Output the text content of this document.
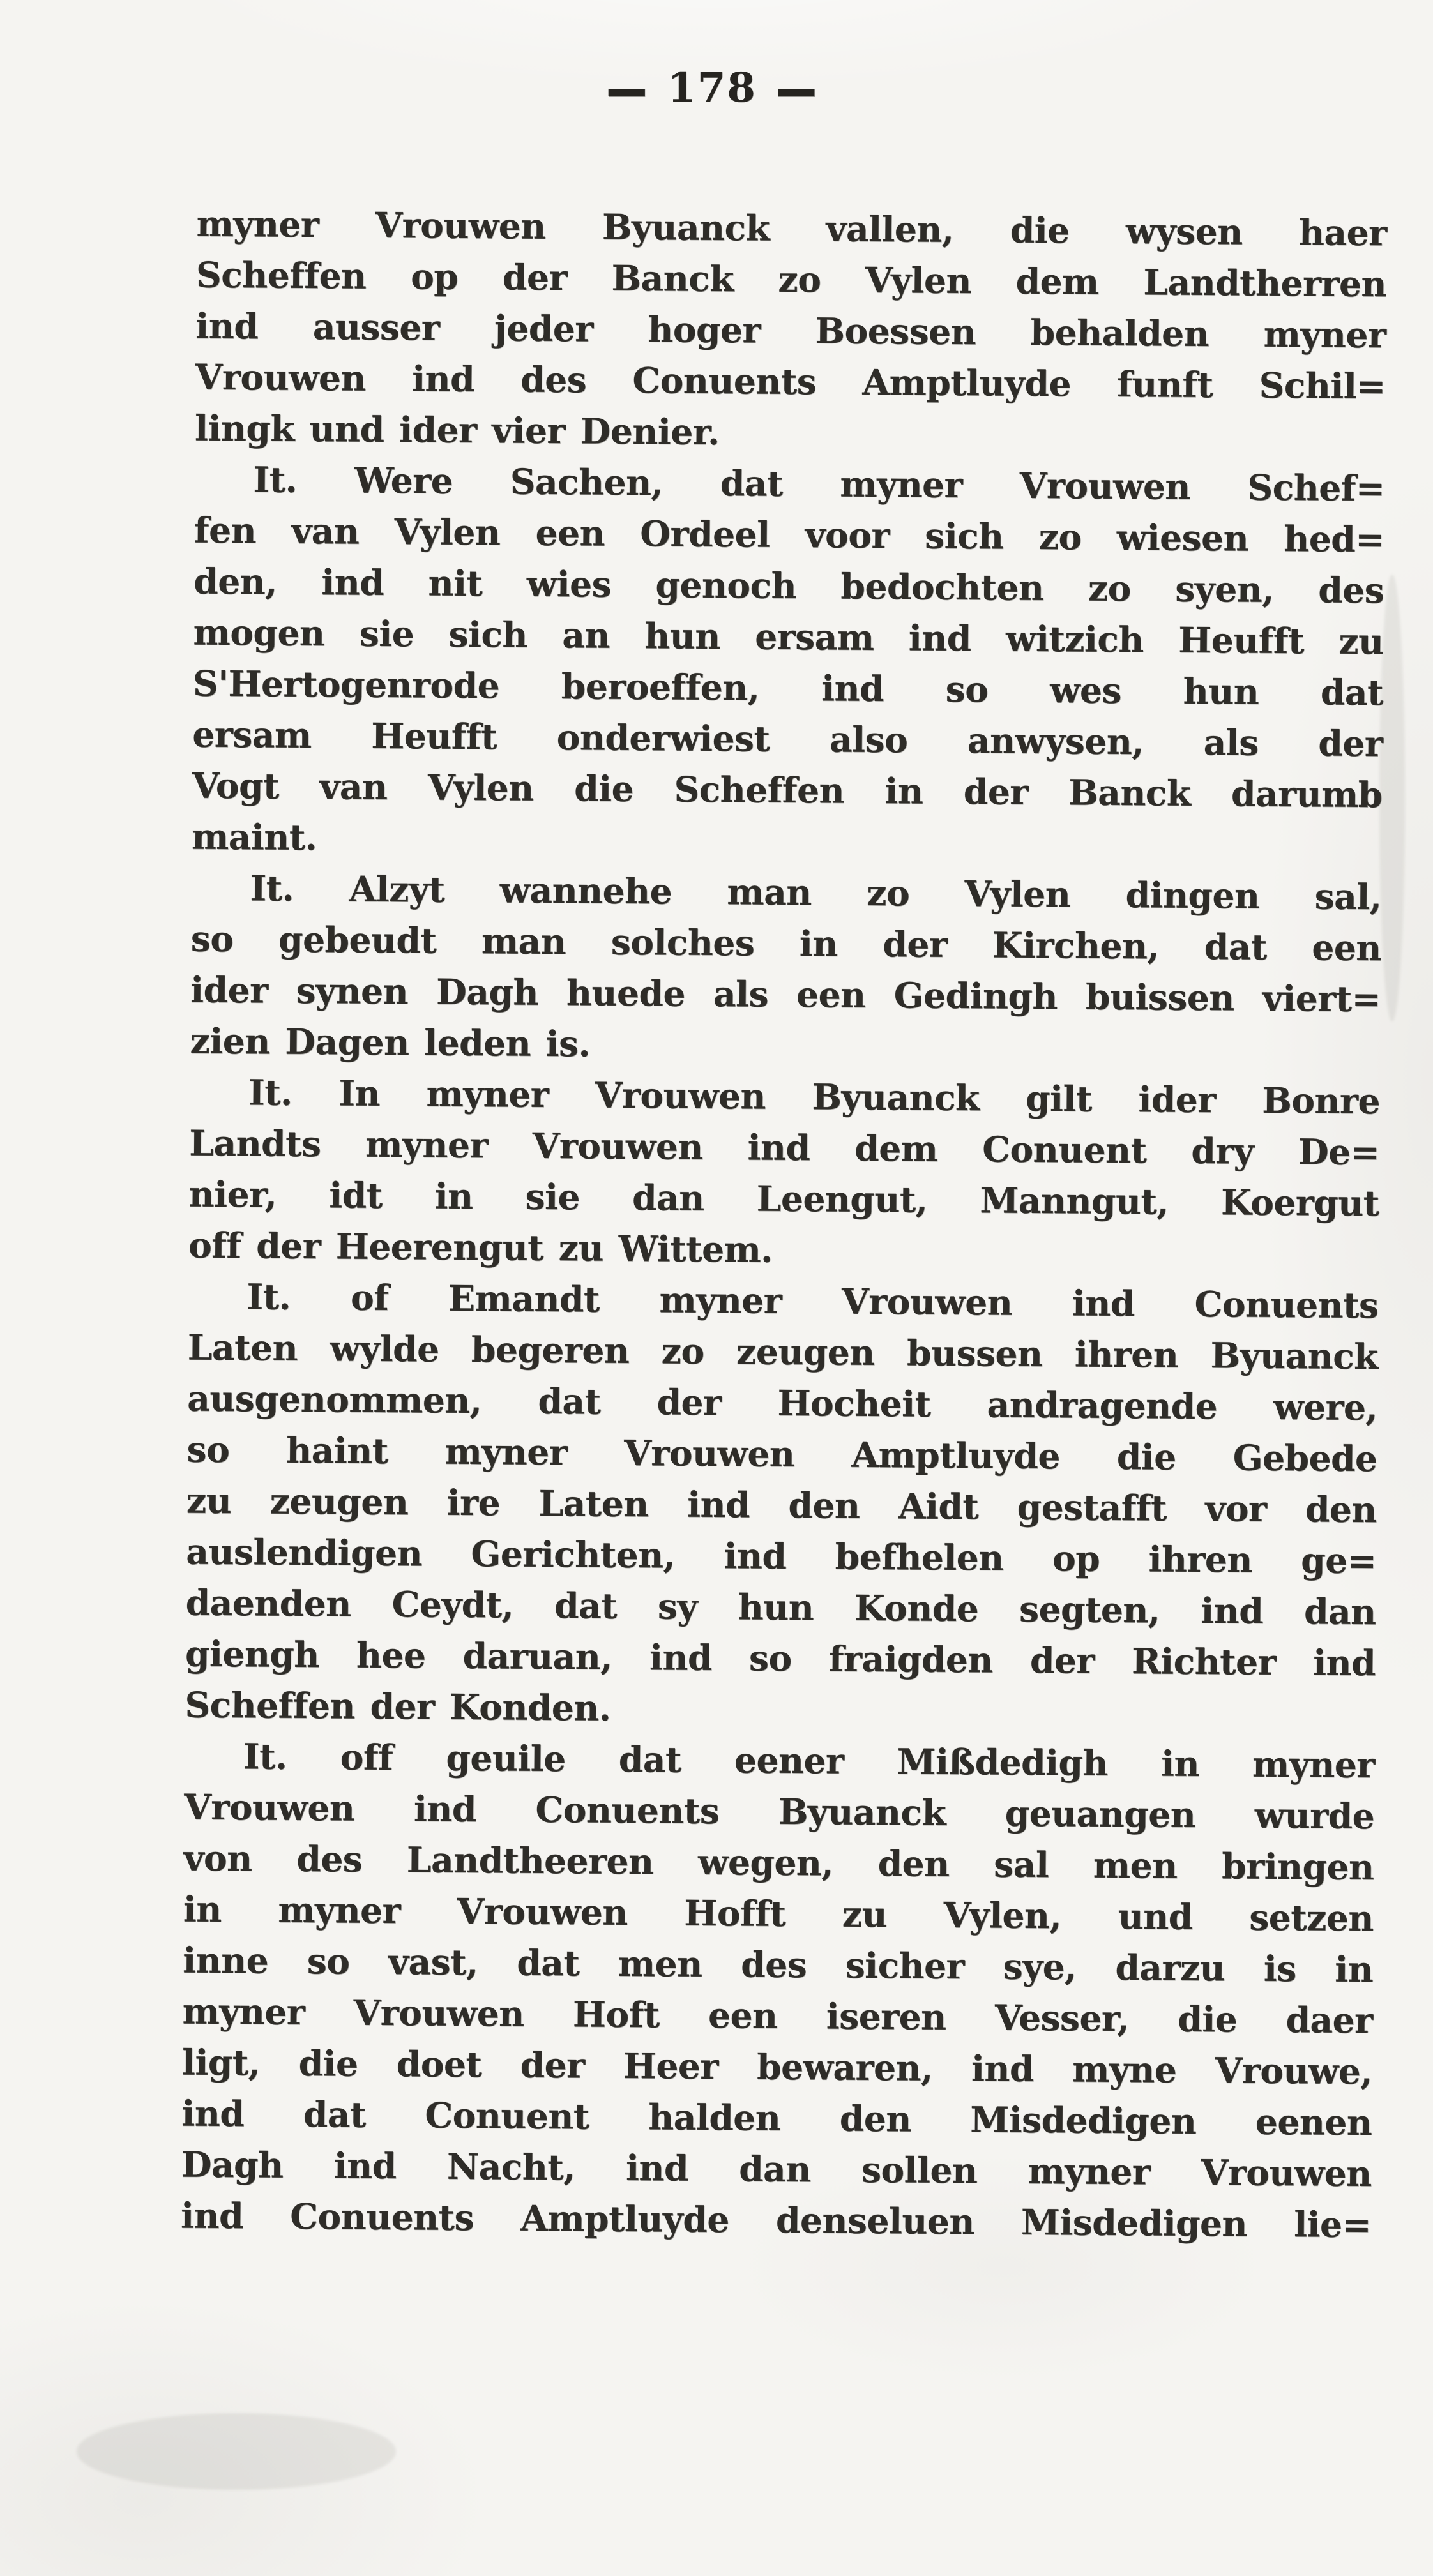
— 178 —
myner Vrouwen Byuanck vallen, die wysen haer
Scheffen op der Banck zo Vylen dem Landtherren
ind ausser jeder hoger Boessen behalden myner
Vrouwen ind des Conuents Amptluyde funft Schil=
lingk und ider vier Denier.
It. Were Sachen, dat myner Vrouwen Schef=
fen van Vylen een Ordeel voor sich zo wiesen hed=
den, ind nit wies genoch bedochten zo syen, des
mogen sie sich an hun ersam ind witzich Heufft zu
S'Hertogenrode beroeffen, ind so wes hun dat
ersam Heufft onderwiest also anwysen, als der
Vogt van Vylen die Scheffen in der Banck darumb
maint.
It. Alzyt wannehe man zo Vylen dingen sal,
so gebeudt man solches in der Kirchen, dat een
ider synen Dagh huede als een Gedingh buissen viert=
zien Dagen leden is.
It. In myner Vrouwen Byuanck gilt ider Bonre
Landts myner Vrouwen ind dem Conuent dry De=
nier, idt in sie dan Leengut, Manngut, Koergut
off der Heerengut zu Wittem.
It. of Emandt myner Vrouwen ind Conuents
Laten wylde begeren zo zeugen bussen ihren Byuanck
ausgenommen, dat der Hocheit andragende were,
so haint myner Vrouwen Amptluyde die Gebede
zu zeugen ire Laten ind den Aidt gestafft vor den
auslendigen Gerichten, ind befhelen op ihren ge=
daenden Ceydt, dat sy hun Konde segten, ind dan
giengh hee daruan, ind so fraigden der Richter ind
Scheffen der Konden.
It. off geuile dat eener Mißdedigh in myner
Vrouwen ind Conuents Byuanck geuangen wurde
von des Landtheeren wegen, den sal men bringen
in myner Vrouwen Hofft zu Vylen, und setzen
inne so vast, dat men des sicher sye, darzu is in
myner Vrouwen Hoft een iseren Vesser, die daer
ligt, die doet der Heer bewaren, ind myne Vrouwe,
ind dat Conuent halden den Misdedigen eenen
Dagh ind Nacht, ind dan sollen myner Vrouwen
ind Conuents Amptluyde denseluen Misdedigen lie=
